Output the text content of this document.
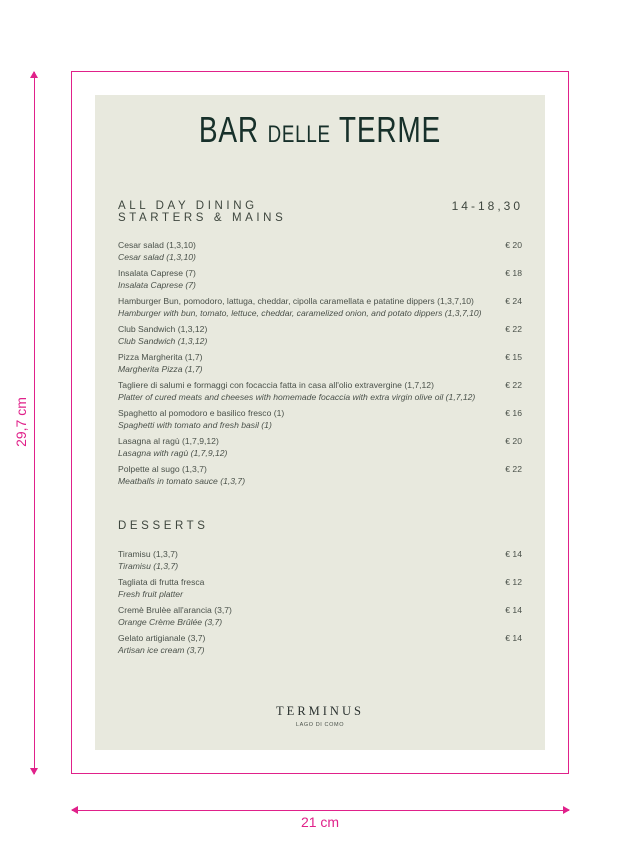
29,7 cm
21 cm
BAR DELLE TERME
ALL DAY DINING
STARTERS & MAINS
14-18,30
Cesar salad (1,3,10)
Cesar salad (1,3,10)
€ 20
Insalata Caprese (7)
Insalata Caprese (7)
€ 18
Hamburger Bun, pomodoro, lattuga, cheddar, cipolla caramellata e patatine dippers (1,3,7,10)
Hamburger with bun, tomato, lettuce, cheddar, caramelized onion, and potato dippers (1,3,7,10)
€ 24
Club Sandwich (1,3,12)
Club Sandwich (1,3,12)
€ 22
Pizza Margherita (1,7)
Margherita Pizza (1,7)
€ 15
Tagliere di salumi e formaggi con focaccia fatta in casa all'olio extravergine (1,7,12)
Platter of cured meats and cheeses with homemade focaccia with extra virgin olive oil (1,7,12)
€ 22
Spaghetto al pomodoro e basilico fresco (1)
Spaghetti with tomato and fresh basil (1)
€ 16
Lasagna al ragù (1,7,9,12)
Lasagna with ragù (1,7,9,12)
€ 20
Polpette al sugo (1,3,7)
Meatballs in tomato sauce (1,3,7)
€ 22
DESSERTS
Tiramisu (1,3,7)
Tiramisu (1,3,7)
€ 14
Tagliata di frutta fresca
Fresh fruit platter
€ 12
Cremè Brulèe all'arancia (3,7)
Orange Crème Brûlée (3,7)
€ 14
Gelato artigianale (3,7)
Artisan ice cream (3,7)
€ 14
TERMINUS
LAGO DI COMO
